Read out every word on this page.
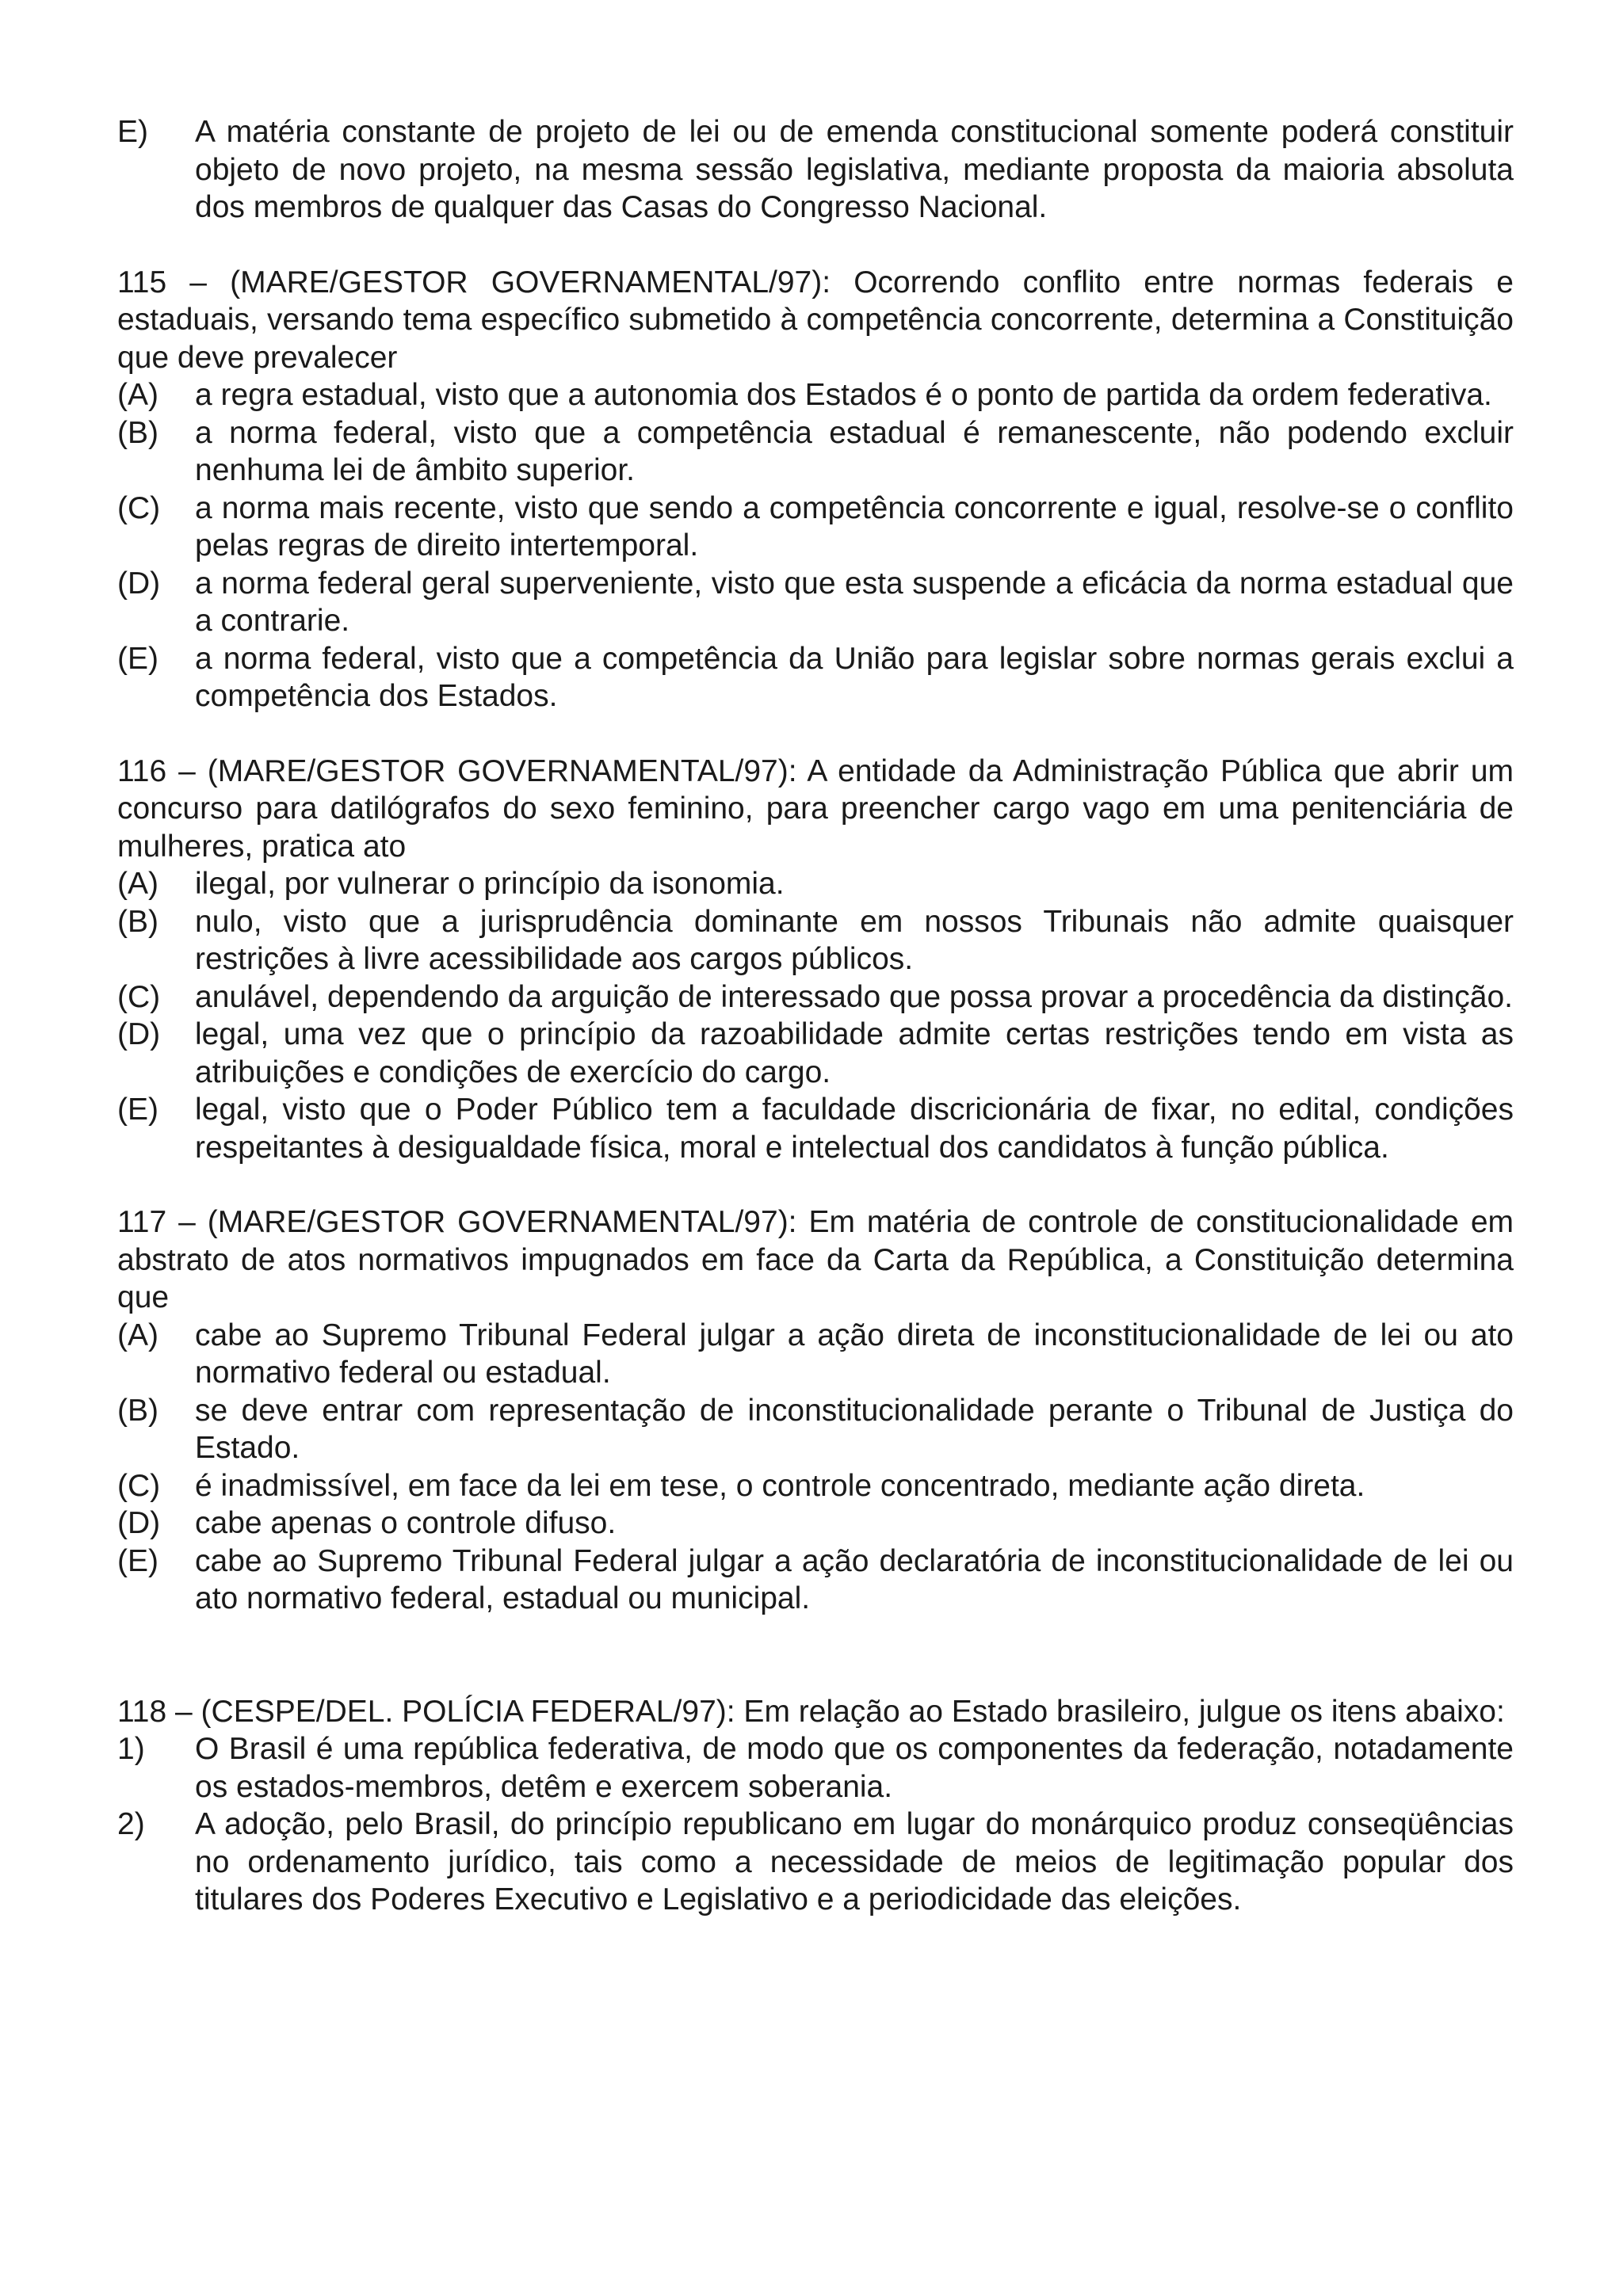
E)	A matéria constante de projeto de lei ou de emenda constitucional somente poderá constituir objeto de novo projeto, na mesma sessão legislativa, mediante proposta da maioria absoluta dos membros de qualquer das Casas do Congresso Nacional.
115 – (MARE/GESTOR GOVERNAMENTAL/97): Ocorrendo conflito entre normas federais e estaduais, versando tema específico submetido à competência concorrente, determina a Constituição que deve prevalecer
(A)	a regra estadual, visto que a autonomia dos Estados é o ponto de partida da ordem federativa.
(B)	a norma federal, visto que a competência estadual é remanescente, não podendo excluir nenhuma lei de âmbito superior.
(C)	a norma mais recente, visto que sendo a competência concorrente e igual, resolve-se o conflito pelas regras de direito intertemporal.
(D)	a norma federal geral superveniente, visto que esta suspende a eficácia da norma estadual que a contrarie.
(E)	a norma federal, visto que a competência da União para legislar sobre normas gerais exclui a competência dos Estados.
116 – (MARE/GESTOR GOVERNAMENTAL/97): A entidade da Administração Pública que abrir um concurso para datilógrafos do sexo feminino, para preencher cargo vago em uma penitenciária de mulheres, pratica ato
(A)	ilegal, por vulnerar o princípio da isonomia.
(B)	nulo, visto que a jurisprudência dominante em nossos Tribunais não admite quaisquer restrições à livre acessibilidade aos cargos públicos.
(C)	anulável, dependendo da arguição de interessado que possa provar a procedência da distinção.
(D)	legal, uma vez que o princípio da razoabilidade admite certas restrições tendo em vista as atribuições e condições de exercício do cargo.
(E)	legal, visto que o Poder Público tem a faculdade discricionária de fixar, no edital, condições respeitantes à desigualdade física, moral e intelectual dos candidatos à função pública.
117 – (MARE/GESTOR GOVERNAMENTAL/97): Em matéria de controle de constitucionalidade em abstrato de atos normativos impugnados em face da Carta da República, a Constituição determina que
(A)	cabe ao Supremo Tribunal Federal julgar a ação direta de inconstitucionalidade de lei ou ato normativo federal ou estadual.
(B)	se deve entrar com representação de inconstitucionalidade perante o Tribunal de Justiça do Estado.
(C)	é inadmissível, em face da lei em tese, o controle concentrado, mediante ação direta.
(D)	cabe apenas o controle difuso.
(E)	cabe ao Supremo Tribunal Federal julgar a ação declaratória de inconstitucionalidade de lei ou ato normativo federal, estadual ou municipal.
118 – (CESPE/DEL. POLÍCIA FEDERAL/97): Em relação ao Estado brasileiro, julgue os itens abaixo:
1)	O Brasil é uma república federativa, de modo que os componentes da federação, notadamente os estados-membros, detêm e exercem soberania.
2)	A adoção, pelo Brasil, do princípio republicano em lugar do monárquico produz conseqüências no ordenamento jurídico, tais como a necessidade de meios de legitimação popular dos titulares dos Poderes Executivo e Legislativo e a periodicidade das eleições.
